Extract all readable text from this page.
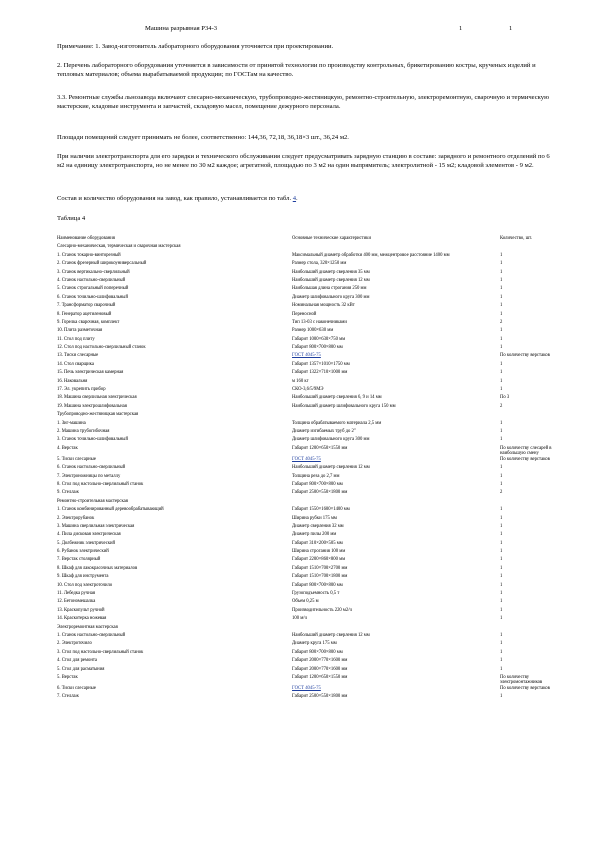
Машина разрывная Р34-3	1	1
Примечание: 1. Завод-изготовитель лабораторного оборудования уточняется при проектировании.
2. Перечень лабораторного оборудования уточняется в зависимости от принятой технологии по производству контрольных, брикетированию костры, крученых изделий и тепловых материалов; объема вырабатываемой продукции; по ГОСТам на качество.
3.3. Ремонтные службы льнозавода включают слесарно-механическую, трубопроводно-жестяницкую, ремонтно-строительную, электроремонтную, сварочную и термическую мастерские, кладовые инструмента и запчастей, складовую масел, помещение дежурного персонала.
Площади помещений следует принимать не более, соответственно: 144,36, 72,18, 36,18×3 шт., 36,24 м2.
При наличии электротранспорта для его зарядки и технического обслуживания следует предусматривать зарядную станцию в составе: зарядного и ремонтного отделений по 6 м2 на единицу электротранспорта, но не менее по 30 м2 каждое; агрегатной, площадью по 3 м2 на один выпрямитель; электролитной - 15 м2; кладовой элементов - 9 м2.
Состав и количество оборудования на завод, как правило, устанавливается по табл. 4.
Таблица 4
Наименование оборудования	Основные технические характеристики	Количество, шт.
Слесарно-механическая, термическая и сварочная мастерская		
1. Станок токарно-винторезный	Максимальный диаметр обработки 400 мм, межцентровое расстояние 1400 мм	1
2. Станок фрезерный широкоуниверсальный	Размер стола, 320×1250 мм	1
3. Станок вертикально-сверлильный	Наибольший диаметр сверления 35 мм	1
4. Станок настольно-сверлильный	Наибольший диаметр сверления 12 мм	1
5. Станок строгальный поперечный	Наибольшая длина строгания 250 мм	1
6. Станок точильно-шлифовальный	Диаметр шлифовального круга 300 мм	1
7. Трансформатор сварочный	Номинальная мощность 32 кВт	1
8. Генератор ацетиленовый	Переносной	1
9. Горелка сварочная, комплект	Тип 13-03 с наконечниками	2
10. Плита разметочная	Размер 1000×630 мм	1
11. Стол под плиту	Габарит 1000×630×750 мм	1
12. Стол под настольно-сверлильный станок	Габарит 800×700×800 мм	1
13. Тиски слесарные	ГОСТ 4045-75	По количеству верстаков
14. Стол сварщика	Габарит 1357×1010×1750 мм	1
15. Печь электрическая камерная	Габарит 1322×710×1000 мм	1
16. Наковальня	м 160 кг	1
17. Эл. укрепить прибор	СКО-3,6/5/9МЭ	1
18. Машина сверлильная электрическая	Наибольший диаметр сверления 6, 9 и 14 мм	По 3
19. Машина электрошлифовальная	Наибольший диаметр шлифовального круга 150 мм	2
Трубопроводно-жестяницкая мастерская		
1. Зиг-машина	Толщина обрабатываемого материала 2,5 мм	1
2. Машина трубогибочная	Диаметр изгибаемых труб до 2"	1
3. Станок точильно-шлифовальный	Диаметр шлифовального круга 300 мм	1
4. Верстак	Габарит 1200×650×1550 мм	По количеству слесарей в наибольшую смену
5. Тиски слесарные	ГОСТ 4045-75	По количеству верстаков
6. Станок настольно-сверлильный	Наибольший диаметр сверления 12 мм	1
7. Электроножницы по металлу	Толщина реза до 2,7 мм	1
8. Стол под настольно-сверлильный станок	Габарит 800×700×800 мм	1
9. Стеллаж	Габарит 2500×550×1800 мм	2
Ремонтно-строительная мастерская		
1. Станок комбинированный деревообрабатывающий	Габарит 1550×1600×1400 мм	1
2. Электрорубанок	Ширина рубки 175 мм	1
3. Машина сверлильная электрическая	Диаметр сверления 32 мм	1
4. Пила дисковая электрическая	Диаметр пилы 200 мм	1
5. Долбежник электрический	Габарит 310×200×505 мм	1
6. Рубанок электрический	Ширина строгания 100 мм	1
7. Верстак столярный	Габарит 2200×860×800 мм	1
8. Шкаф для лакокрасочных материалов	Габарит 1510×700×2700 мм	1
9. Шкаф для инструмента	Габарит 1510×700×1800 мм	1
10. Стол под электроточило	Габарит 800×700×800 мм	1
11. Лебедка ручная	Грузоподъемность 0,5 т	1
12. Бетономешалка	Объем 0,25 м	1
13. Краскопульт ручной	Производительность 220 м2/ч	1
14. Краскотерка ножевая	100 м/ч	1
Электроремонтная мастерская		
1. Станок настольно-сверлильный	Наибольший диаметр сверления 12 мм	1
2. Электроточило	Диаметр круга 175 мм	1
3. Стол под настольно-сверлильный станок	Габарит 800×700×800 мм	1
4. Стол для ремонта	Габарит 2000×770×1600 мм	1
5. Стол для расматыния	Габарит 2000×770×1600 мм	1
5. Верстак	Габарит 1200×650×1550 мм	По количеству электромонтажников
6. Тиски слесарные	ГОСТ 4045-75	По количеству верстаков
7. Стеллаж	Габарит 2500×550×1800 мм	1
